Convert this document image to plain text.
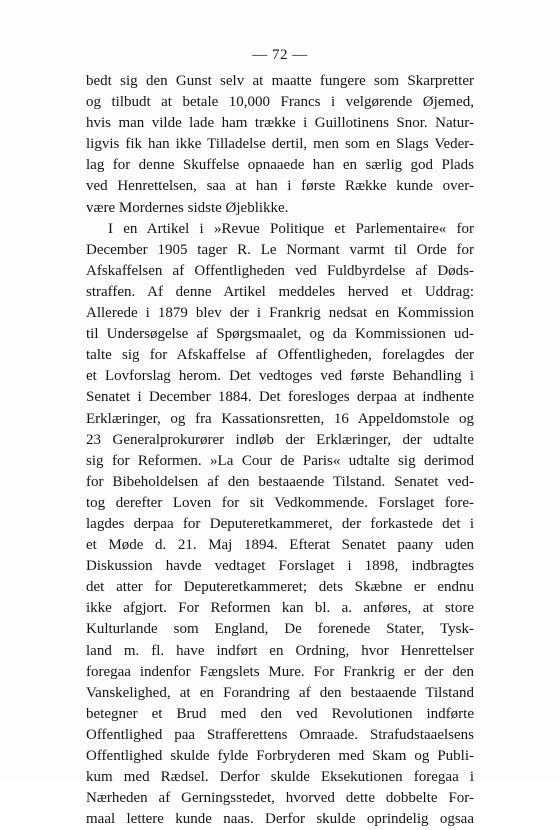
— 72 —
bedt sig den Gunst selv at maatte fungere som Skarpretter
og tilbudt at betale 10,000 Francs i velgørende Øjemed,
hvis man vilde lade ham trække i Guillotinens Snor. Natur-
ligvis fik han ikke Tilladelse dertil, men som en Slags Veder-
lag for denne Skuffelse opnaaede han en særlig god Plads
ved Henrettelsen, saa at han i første Række kunde over-
være Mordernes sidste Øjeblikke.
I en Artikel i »Revue Politique et Parlementaire« for
December 1905 tager R. Le Normant varmt til Orde for
Afskaffelsen af Offentligheden ved Fuldbyrdelse af Døds-
straffen. Af denne Artikel meddeles herved et Uddrag:
Allerede i 1879 blev der i Frankrig nedsat en Kommission
til Undersøgelse af Spørgsmaalet, og da Kommissionen ud-
talte sig for Afskaffelse af Offentligheden, forelagdes der
et Lovforslag herom. Det vedtoges ved første Behandling i
Senatet i December 1884. Det foresloges derpaa at indhente
Erklæringer, og fra Kassationsretten, 16 Appeldomstole og
23 Generalprokurører indløb der Erklæringer, der udtalte
sig for Reformen. »La Cour de Paris« udtalte sig derimod
for Bibeholdelsen af den bestaaende Tilstand. Senatet ved-
tog derefter Loven for sit Vedkommende. Forslaget fore-
lagdes derpaa for Deputeretkammeret, der forkastede det i
et Møde d. 21. Maj 1894. Efterat Senatet paany uden
Diskussion havde vedtaget Forslaget i 1898, indbragtes
det atter for Deputeretkammeret; dets Skæbne er endnu
ikke afgjort. For Reformen kan bl. a. anføres, at store
Kulturlande som England, De forenede Stater, Tysk-
land m. fl. have indført en Ordning, hvor Henrettelser
foregaa indenfor Fængslets Mure. For Frankrig er der den
Vanskelighed, at en Forandring af den bestaaende Tilstand
betegner et Brud med den ved Revolutionen indførte
Offentlighed paa Strafferettens Omraade. Strafudstaaelsens
Offentlighed skulde fylde Forbryderen med Skam og Publi-
kum med Rædsel. Derfor skulde Eksekutionen foregaa i
Nærheden af Gerningsstedet, hvorved dette dobbelte For-
maal lettere kunde naas. Derfor skulde oprindelig ogsaa
